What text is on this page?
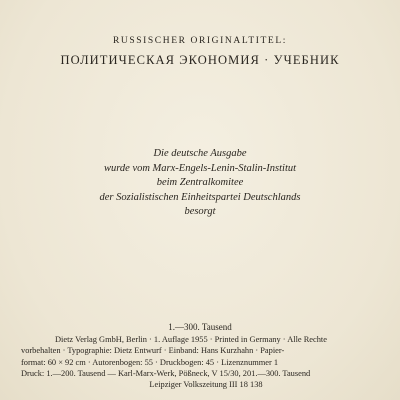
RUSSISCHER ORIGINALTITEL:
ПОЛИТИЧЕСКАЯ ЭКОНОМИЯ · УЧЕБНИК
Die deutsche Ausgabe
wurde vom Marx-Engels-Lenin-Stalin-Institut
beim Zentralkomitee
der Sozialistischen Einheitspartei Deutschlands
besorgt
1.—300. Tausend
Dietz Verlag GmbH, Berlin · 1. Auflage 1955 · Printed in Germany · Alle Rechte
vorbehalten · Typographie: Dietz Entwurf · Einband: Hans Kurzhahn · Papier-
format: 60 × 92 cm · Autorenbogen: 55 · Druckbogen: 45 · Lizenznummer 1
Druck: 1.—200. Tausend — Karl-Marx-Werk, Pößneck, V 15/30, 201.—300. Tausend
Leipziger Volkszeitung III 18 138
